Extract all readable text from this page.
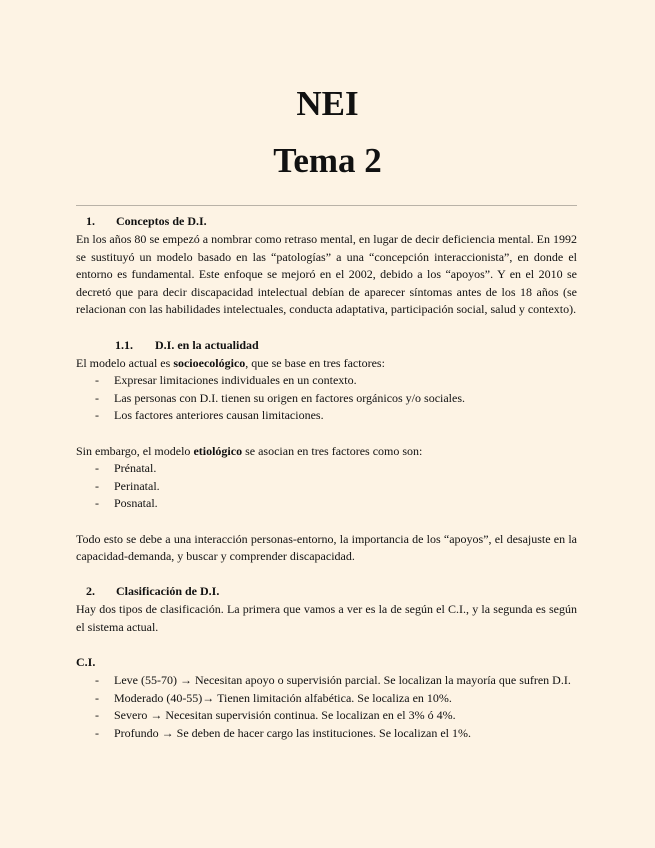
NEI
Tema 2
1. Conceptos de D.I.

En los años 80 se empezó a nombrar como retraso mental, en lugar de decir deficiencia mental. En 1992 se sustituyó un modelo basado en las “patologías” a una “concepción interaccionista”, en donde el entorno es fundamental. Este enfoque se mejoró en el 2002, debido a los “apoyos”. Y en el 2010 se decretó que para decir discapacidad intelectual debían de aparecer síntomas antes de los 18 años (se relacionan con las habilidades intelectuales, conducta adaptativa, participación social, salud y contexto).

1.1. D.I. en la actualidad

El modelo actual es socioecológico, que se base en tres factores:

- Expresar limitaciones individuales en un contexto.
- Las personas con D.I. tienen su origen en factores orgánicos y/o sociales.
- Los factores anteriores causan limitaciones.

Sin embargo, el modelo etiológico se asocian en tres factores como son:

- Prénatal.
- Perinatal.
- Posnatal.

Todo esto se debe a una interacción personas-entorno, la importancia de los “apoyos”, el desajuste en la capacidad-demanda, y buscar y comprender discapacidad.

2. Clasificación de D.I.

Hay dos tipos de clasificación. La primera que vamos a ver es la de según el C.I., y la segunda es según el sistema actual.

C.I.
- Leve (55-70) → Necesitan apoyo o supervisión parcial. Se localizan la mayoría que sufren D.I.
- Moderado (40-55)→ Tienen limitación alfabética. Se localiza en 10%.
- Severo → Necesitan supervisión continua. Se localizan en el 3% ó 4%.
- Profundo → Se deben de hacer cargo las instituciones. Se localizan el 1%.
